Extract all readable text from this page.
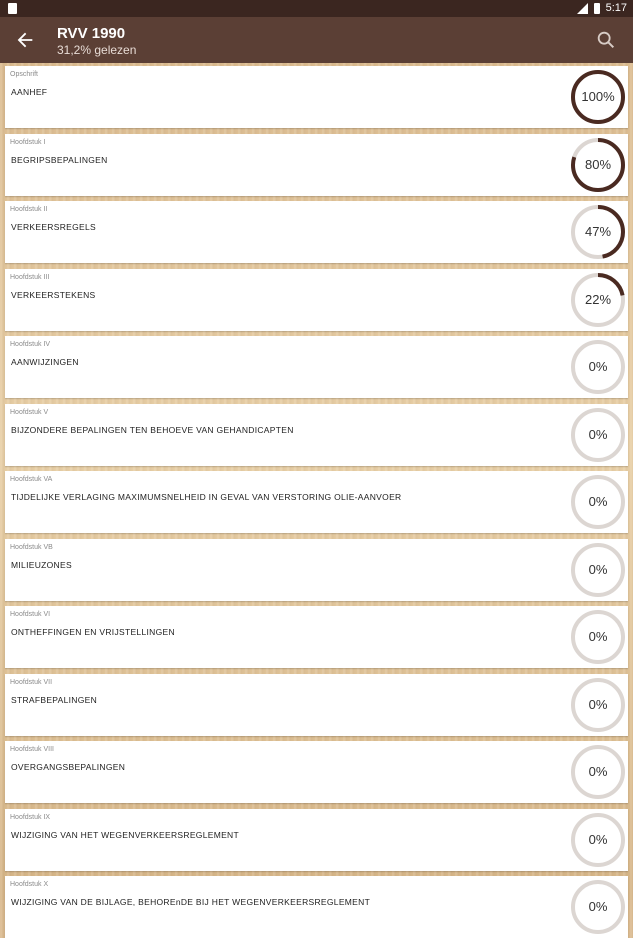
5:17
RVV 1990
31,2% gelezen
Opschrift
AANHEF	100%
Hoofdstuk I
BEGRIPSBEPALINGEN	80%
Hoofdstuk II
VERKEERSREGELS	47%
Hoofdstuk III
VERKEERSTEKENS	22%
Hoofdstuk IV
AANWIJZINGEN	0%
Hoofdstuk V
BIJZONDERE BEPALINGEN TEN BEHOEVE VAN GEHANDICAPTEN	0%
Hoofdstuk VA
TIJDELIJKE VERLAGING MAXIMUMSNELHEID IN GEVAL VAN VERSTORING OLIE-AANVOER	0%
Hoofdstuk VB
MILIEUZONES	0%
Hoofdstuk VI
ONTHEFFINGEN EN VRIJSTELLINGEN	0%
Hoofdstuk VII
STRAFBEPALINGEN	0%
Hoofdstuk VIII
OVERGANGSBEPALINGEN	0%
Hoofdstuk IX
WIJZIGING VAN HET WEGENVERKEERSREGLEMENT	0%
Hoofdstuk X
WIJZIGING VAN DE BIJLAGE, BEHOREnDE BIJ HET WEGENVERKEERSREGLEMENT	0%
